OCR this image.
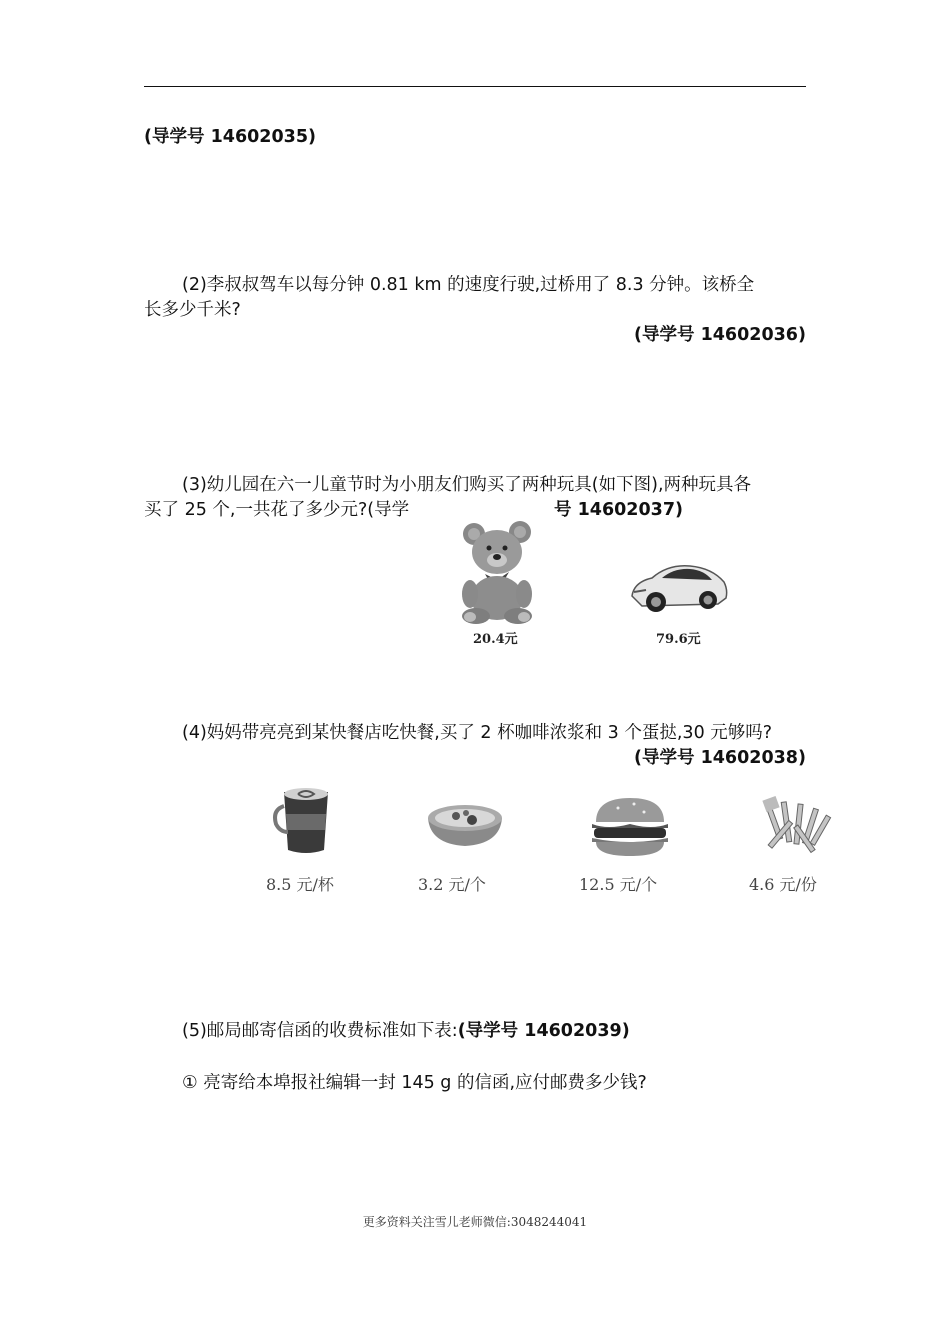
(导学号 14602035)
(2)李叔叔驾车以每分钟 0.81 km 的速度行驶,过桥用了 8.3 分钟。该桥全
长多少千米?
(导学号 14602036)
(3)幼儿园在六一儿童节时为小朋友们购买了两种玩具(如下图),两种玩具各
买了 25 个,一共花了多少元?(导学	号 14602037)
20.4元	79.6元
(4)妈妈带亮亮到某快餐店吃快餐,买了 2 杯咖啡浓浆和 3 个蛋挞,30 元够吗?
(导学号 14602038)
8.5 元/杯	3.2 元/个	12.5 元/个	4.6 元/份
(5)邮局邮寄信函的收费标准如下表:(导学号 14602039)
① 亮寄给本埠报社编辑一封 145 g 的信函,应付邮费多少钱?
更多资料关注雪儿老师微信:3048244041
